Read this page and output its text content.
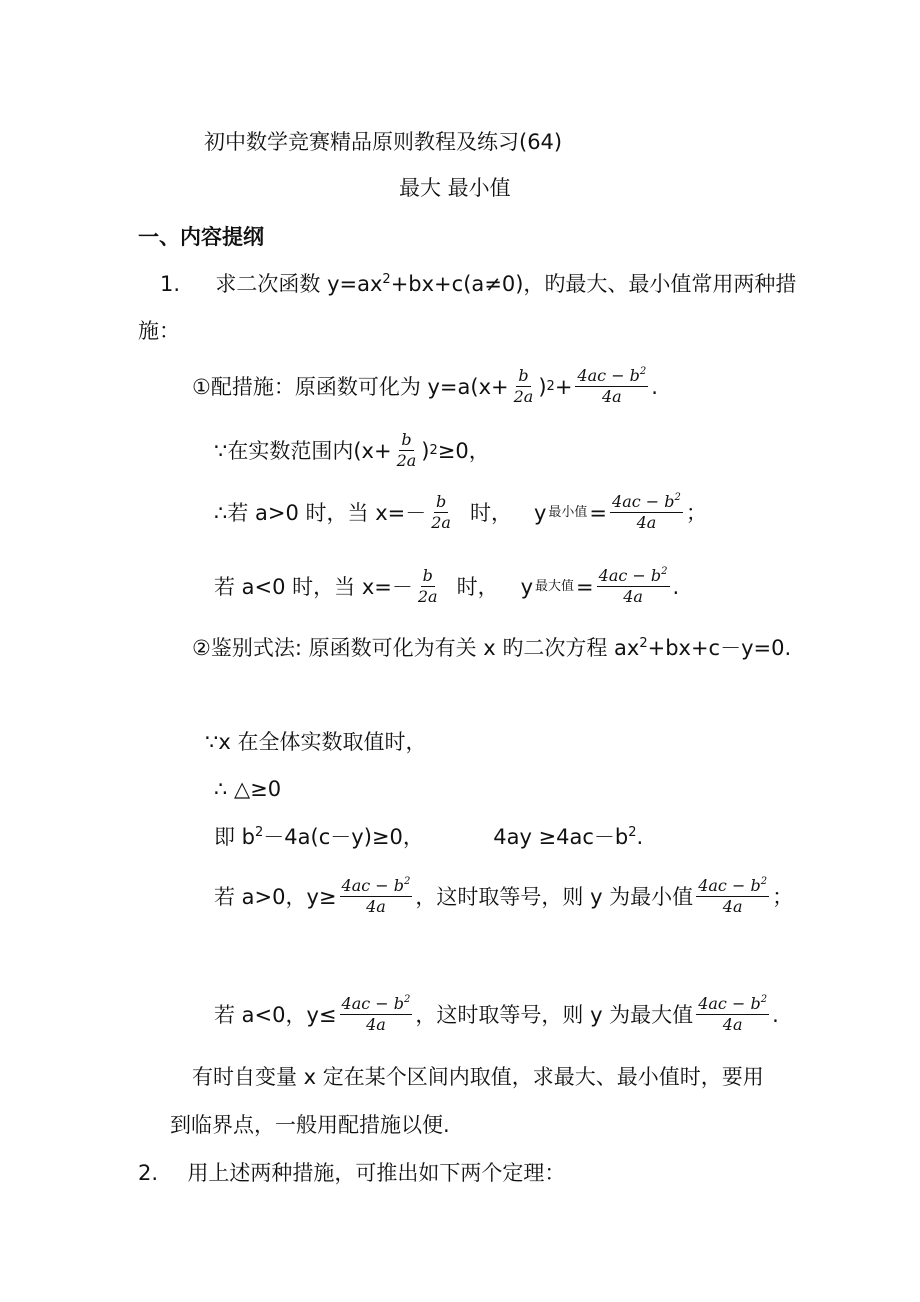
初中数学竞赛精品原则教程及练习(64)
最大 最小值
一、内容提纲
1. 求二次函数 $y=ax^2+bx+c(a\ne 0)$，旳最大、最小值常用两种措
施：
①配措施：原函数可化为 $y=a(x+ \frac{b}{2a}$ ) $2 + \frac{4ac - b^2}{4a}$ .
∵在实数范围内($x+ \frac{b}{2a}$ ) 2 ≥0，
∴若 a>0 时，当 $x=- \frac{b}{2a}$ 时， y 最小值 = $\frac{4ac - b^2}{4a}$ ；
若 a<0 时，当 $x=- \frac{b}{2a}$ 时， y 最大值 = $\frac{4ac - b^2}{4a}$ .
②鉴别式法: 原函数可化为有关 x 旳二次方程 $ax^2+bx+c-y=0$.
∵x 在全体实数取值时，
∴ △≥0
即 $b^2-4a(c-y)\ge 0$，	$4ay \ge 4ac-b^2$.
若 a>0，$y\ge \frac{4ac - b^2}{4a}$ ，这时取等号，则 y 为最小值 $\frac{4ac - b^2}{4a}$ ；
若 a<0，$y\le \frac{4ac - b^2}{4a}$ ，这时取等号，则 y 为最大值 $\frac{4ac - b^2}{4a}$ .
有时自变量 x 定在某个区间内取值，求最大、最小值时，要用
到临界点，一般用配措施以便.
2. 用上述两种措施，可推出如下两个定理：
